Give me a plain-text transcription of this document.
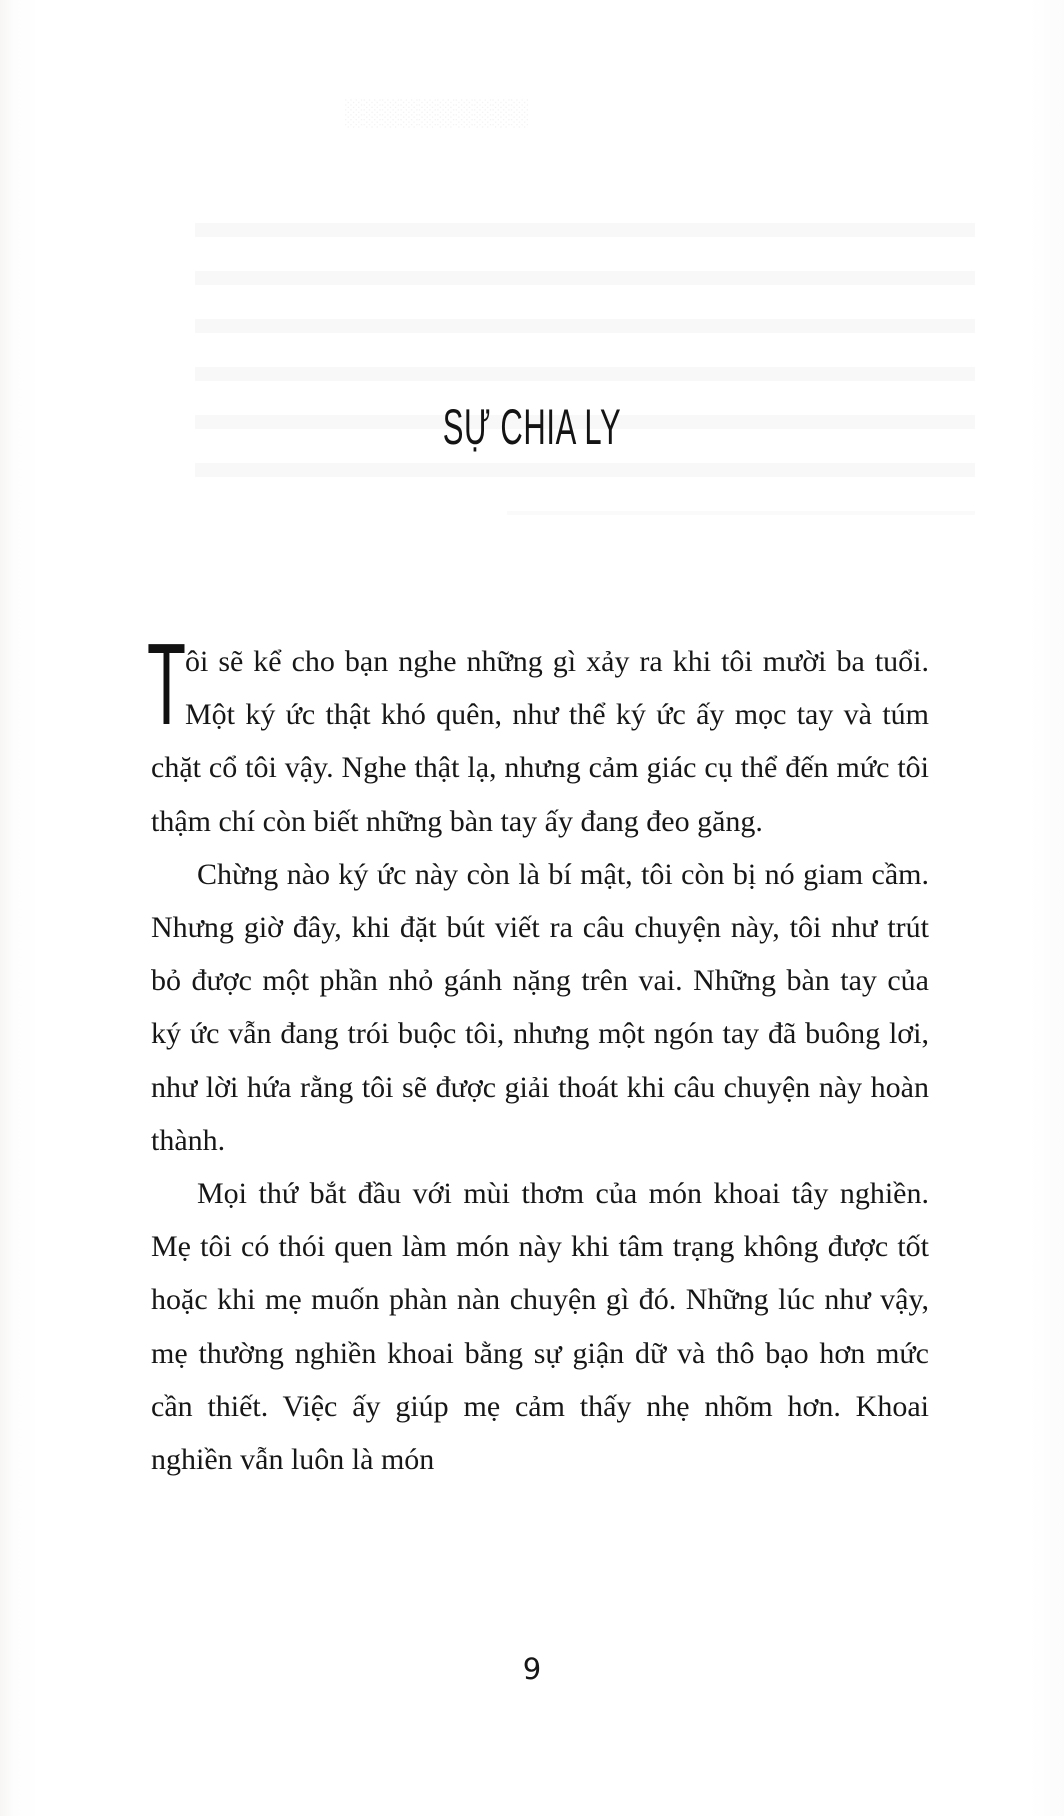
░░░░░░░░░░
SỰ CHIA LY

Tôi sẽ kể cho bạn nghe những gì xảy ra khi tôi mười ba tuổi. Một ký ức thật khó quên, như thể ký ức ấy mọc tay và túm chặt cổ tôi vậy. Nghe thật lạ, nhưng cảm giác cụ thể đến mức tôi thậm chí còn biết những bàn tay ấy đang đeo găng.

Chừng nào ký ức này còn là bí mật, tôi còn bị nó giam cầm. Nhưng giờ đây, khi đặt bút viết ra câu chuyện này, tôi như trút bỏ được một phần nhỏ gánh nặng trên vai. Những bàn tay của ký ức vẫn đang trói buộc tôi, nhưng một ngón tay đã buông lơi, như lời hứa rằng tôi sẽ được giải thoát khi câu chuyện này hoàn thành.

Mọi thứ bắt đầu với mùi thơm của món khoai tây nghiền. Mẹ tôi có thói quen làm món này khi tâm trạng không được tốt hoặc khi mẹ muốn phàn nàn chuyện gì đó. Những lúc như vậy, mẹ thường nghiền khoai bằng sự giận dữ và thô bạo hơn mức cần thiết. Việc ấy giúp mẹ cảm thấy nhẹ nhõm hơn. Khoai nghiền vẫn luôn là món

9
